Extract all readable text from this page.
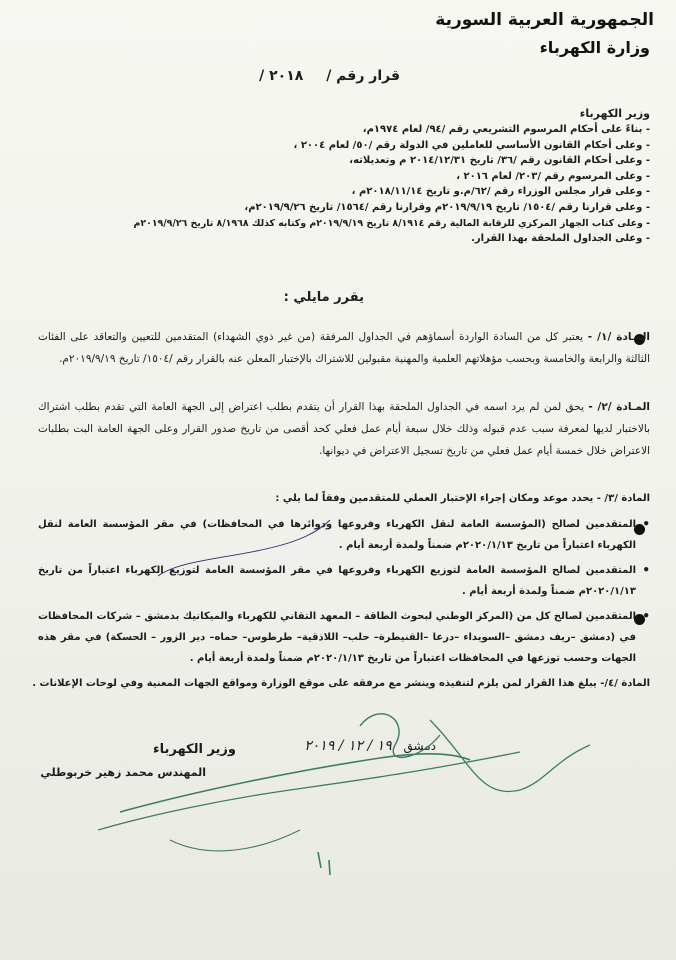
الجمهورية العربية السورية
وزارة الكهرباء
قرار رقم / ٢٠١٨ /
وزير الكهرباء
- بناءً على أحكام المرسوم التشريعي رقم /٩٤/ لعام ١٩٧٤م،
- وعلى أحكام القانون الأساسي للعاملين في الدولة رقم /٥٠/ لعام ٢٠٠٤ ،
- وعلى أحكام القانون رقم /٣٦/ تاريخ ٢٠١٤/١٢/٣١ م وتعديلاته،
- وعلى المرسوم رقم /٢٠٣/ لعام ٢٠١٦ ،
- وعلى قرار مجلس الوزراء رقم /٦٢/م.و تاريخ ٢٠١٨/١١/١٤م ،
- وعلى قرارنا رقم /١٥٠٤/ تاريخ ٢٠١٩/٩/١٩م وقرارنا رقم /١٥٦٤/ تاريخ ٢٠١٩/٩/٢٦م،
- وعلى كتاب الجهاز المركزي للرقابة المالية رقم ٨/١٩١٤ تاريخ ٢٠١٩/٩/١٩م وكتابه كذلك ٨/١٩٦٨ تاريخ ٢٠١٩/٩/٢٦م
- وعلى الجداول الملحقة بهذا القرار.
يقرر مايلي :

المـادة /١/ - يعتبر كل من السادة الواردة أسماؤهم في الجداول المرفقة (من غير ذوي الشهداء) المتقدمين للتعيين والتعاقد على الفئات الثالثة والرابعة والخامسة وبحسب مؤهلاتهم العلمية والمهنية مقبولين للاشتراك بالإختبار المعلن عنه بالقرار رقم /١٥٠٤/ تاريخ ٢٠١٩/٩/١٩م.

المـادة /٢/ - يحق لمن لم يرد اسمه في الجداول الملحقة بهذا القرار أن يتقدم بطلب اعتراض إلى الجهة العامة التي تقدم بطلب اشتراك بالاختبار لديها لمعرفة سبب عدم قبوله وذلك خلال سبعة أيام عمل فعلي كحد أقصى من تاريخ صدور القرار وعلى الجهة العامة البت بطلبات الاعتراض خلال خمسة أيام عمل فعلي من تاريخ تسجيل الاعتراض في ديوانها.

المادة /٣/ - يحدد موعد ومكان إجراء الإختبار العملي للمتقدمين وفقاً لما يلي :

• المتقدمين لصالح (المؤسسة العامة لنقل الكهرباء وفروعها ودوائرها في المحافظات) في مقر المؤسسة العامة لنقل الكهرباء اعتباراً من تاريخ ٢٠٢٠/١/١٣م ضمناً ولمدة أربعة أيام .
• المتقدمين لصالح المؤسسة العامة لتوزيع الكهرباء وفروعها في مقر المؤسسة العامة لتوزيع الكهرباء اعتباراً من تاريخ ٢٠٢٠/١/١٣م ضمناً ولمدة أربعة أيام .
• المتقدمين لصالح كل من (المركز الوطني لبحوث الطاقة – المعهد التقاني للكهرباء والميكانيك بدمشق – شركات المحافظات في (دمشق –ريف دمشق –السويداء –درعا –القنيطرة– حلب– اللاذقية– طرطوس– حماه– دير الزور – الحسكة) في مقر هذه الجهات وحسب توزعها في المحافظات اعتباراً من تاريخ ٢٠٢٠/١/١٣م ضمناً ولمدة أربعة أيام .
المادة /٤/- يبلغ هذا القرار لمن يلزم لتنفيذه وينشر مع مرفقه على موقع الوزارة ومواقع الجهات المعنية وفي لوحات الإعلانات .
دمشق ١٩ / ١٢ / ٢٠١٩
وزير الكهرباء
المهندس محمد زهير خربوطلي
